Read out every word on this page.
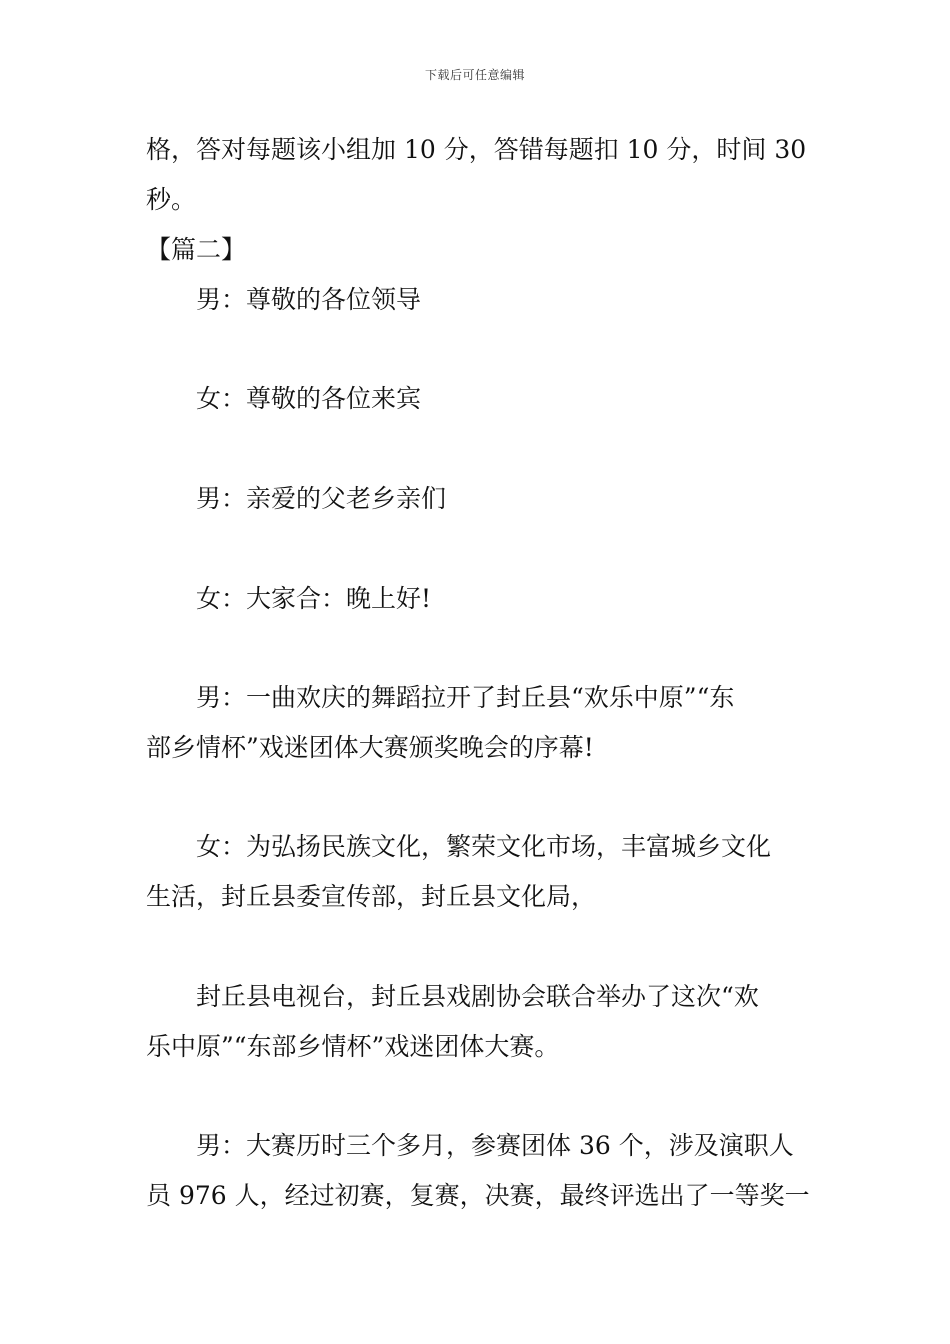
下载后可任意编辑
格，答对每题该小组加 10 分，答错每题扣 10 分，时间 30
秒。
【篇二】
　　男：尊敬的各位领导
　　女：尊敬的各位来宾
　　男：亲爱的父老乡亲们
　　女：大家合：晚上好!
　　男：一曲欢庆的舞蹈拉开了封丘县“欢乐中原”“东
部乡情杯”戏迷团体大赛颁奖晚会的序幕!
　　女：为弘扬民族文化，繁荣文化市场，丰富城乡文化
生活，封丘县委宣传部，封丘县文化局，
　　封丘县电视台，封丘县戏剧协会联合举办了这次“欢
乐中原”“东部乡情杯”戏迷团体大赛。
　　男：大赛历时三个多月，参赛团体 36 个，涉及演职人
员 976 人，经过初赛，复赛，决赛，最终评选出了一等奖一
